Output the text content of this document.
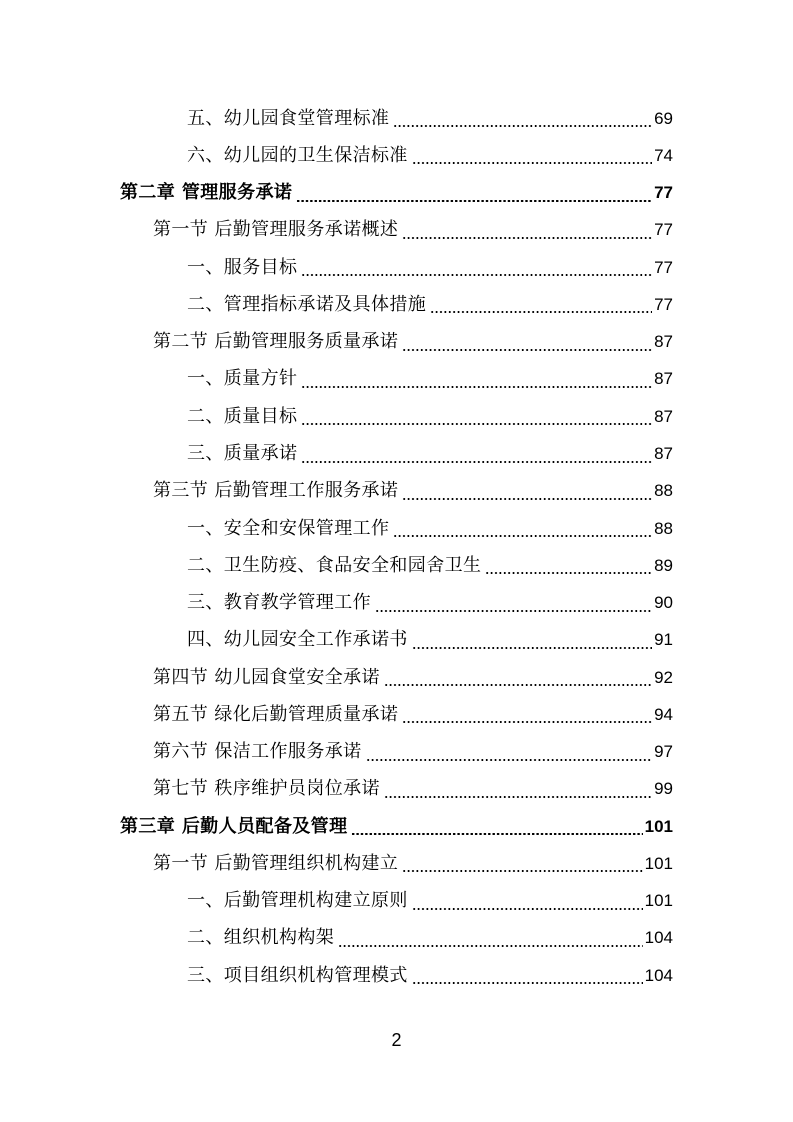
五、幼儿园食堂管理标准	69
六、幼儿园的卫生保洁标准	74
第二章 管理服务承诺	77
第一节 后勤管理服务承诺概述	77
一、服务目标	77
二、管理指标承诺及具体措施	77
第二节 后勤管理服务质量承诺	87
一、质量方针	87
二、质量目标	87
三、质量承诺	87
第三节 后勤管理工作服务承诺	88
一、安全和安保管理工作	88
二、卫生防疫、食品安全和园舍卫生	89
三、教育教学管理工作	90
四、幼儿园安全工作承诺书	91
第四节 幼儿园食堂安全承诺	92
第五节 绿化后勤管理质量承诺	94
第六节 保洁工作服务承诺	97
第七节 秩序维护员岗位承诺	99
第三章 后勤人员配备及管理	101
第一节 后勤管理组织机构建立	101
一、后勤管理机构建立原则	101
二、组织机构构架	104
三、项目组织机构管理模式	104
2
